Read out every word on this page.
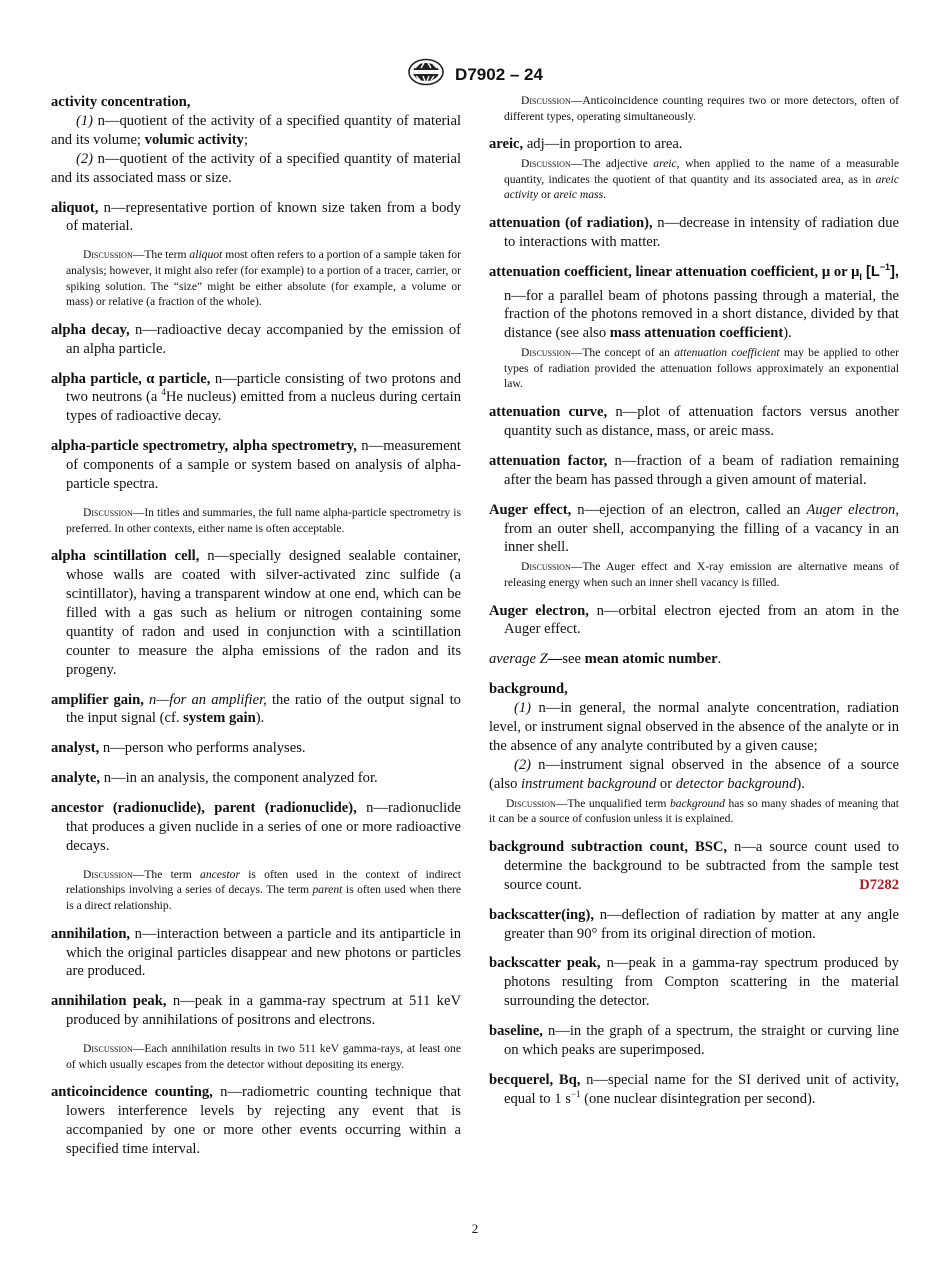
D7902 – 24
activity concentration,

(1) n—quotient of the activity of a specified quantity of material and its volume; volumic activity;

(2) n—quotient of the activity of a specified quantity of material and its associated mass or size.

aliquot, n—representative portion of known size taken from a body of material.
Discussion—The term aliquot most often refers to a portion of a sample taken for analysis; however, it might also refer (for example) to a portion of a tracer, carrier, or spiking solution. The “size” might be either absolute (for example, a volume or mass) or relative (a fraction of the whole).
alpha decay, n—radioactive decay accompanied by the emission of an alpha particle.
alpha particle, α particle, n—particle consisting of two protons and two neutrons (a $^4$He nucleus) emitted from a nucleus during certain types of radioactive decay.
alpha-particle spectrometry, alpha spectrometry, n—measurement of components of a sample or system based on analysis of alpha-particle spectra.
Discussion—In titles and summaries, the full name alpha-particle spectrometry is preferred. In other contexts, either name is often acceptable.
alpha scintillation cell, n—specially designed sealable container, whose walls are coated with silver-activated zinc sulfide (a scintillator), having a transparent window at one end, which can be filled with a gas such as helium or nitrogen containing some quantity of radon and used in conjunction with a scintillation counter to measure the alpha emissions of the radon and its progeny.
amplifier gain, n—for an amplifier, the ratio of the output signal to the input signal (cf. system gain).
analyst, n—person who performs analyses.
analyte, n—in an analysis, the component analyzed for.
ancestor (radionuclide), parent (radionuclide), n—radionuclide that produces a given nuclide in a series of one or more radioactive decays.
Discussion—The term ancestor is often used in the context of indirect relationships involving a series of decays. The term parent is often used when there is a direct relationship.
annihilation, n—interaction between a particle and its antiparticle in which the original particles disappear and new photons or particles are produced.
annihilation peak, n—peak in a gamma-ray spectrum at 511 keV produced by annihilations of positrons and electrons.
Discussion—Each annihilation results in two 511 keV gamma-rays, at least one of which usually escapes from the detector without depositing its energy.
anticoincidence counting, n—radiometric counting technique that lowers interference levels by rejecting any event that is accompanied by one or more other events occurring within a specified time interval.
Discussion—Anticoincidence counting requires two or more detectors, often of different types, operating simultaneously.
areic, adj—in proportion to area.
Discussion—The adjective areic, when applied to the name of a measurable quantity, indicates the quotient of that quantity and its associated area, as in areic activity or areic mass.
attenuation (of radiation), n—decrease in intensity of radiation due to interactions with matter.
attenuation coefficient, linear attenuation coefficient, μ or $\mu_l$ $[L^{-1}]$, n—for a parallel beam of photons passing through a material, the fraction of the photons removed in a short distance, divided by that distance (see also mass attenuation coefficient).
Discussion—The concept of an attenuation coefficient may be applied to other types of radiation provided the attenuation follows approximately an exponential law.
attenuation curve, n—plot of attenuation factors versus another quantity such as distance, mass, or areic mass.
attenuation factor, n—fraction of a beam of radiation remaining after the beam has passed through a given amount of material.
Auger effect, n—ejection of an electron, called an Auger electron, from an outer shell, accompanying the filling of a vacancy in an inner shell.
Discussion—The Auger effect and X-ray emission are alternative means of releasing energy when such an inner shell vacancy is filled.
Auger electron, n—orbital electron ejected from an atom in the Auger effect.
average Z—see mean atomic number.
background,

(1) n—in general, the normal analyte concentration, radiation level, or instrument signal observed in the absence of the analyte or in the absence of any analyte contributed by a given cause;

(2) n—instrument signal observed in the absence of a source (also instrument background or detector background).

Discussion—The unqualified term background has so many shades of meaning that it can be a source of confusion unless it is explained.
background subtraction count, BSC, n—a source count used to determine the background to be subtracted from the sample test source count.	D7282
backscatter(ing), n—deflection of radiation by matter at any angle greater than 90° from its original direction of motion.
backscatter peak, n—peak in a gamma-ray spectrum produced by photons resulting from Compton scattering in the material surrounding the detector.
baseline, n—in the graph of a spectrum, the straight or curving line on which peaks are superimposed.
becquerel, Bq, n—special name for the SI derived unit of activity, equal to 1 $s^{-1}$ (one nuclear disintegration per second).
2
